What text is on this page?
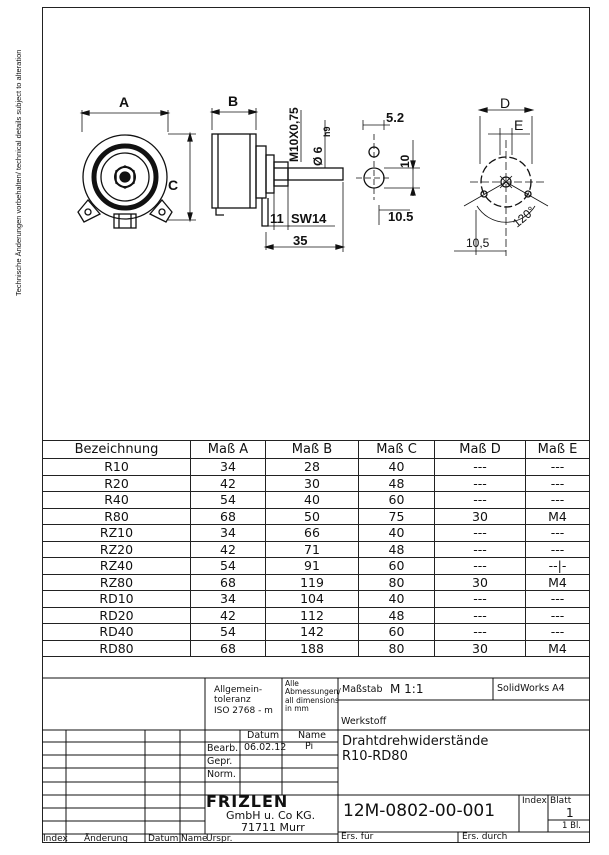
Technische Änderungen vorbehalten/ technical details subject to alteration	A	B
C
D
E
M10X0,75 Ø 6
h9
5.2
10
10.5
11 SW14
35	10,5
120°
Bezeichnung	Maß A	Maß B	Maß C	Maß D	Maß E
R10	34	28	40	---	---
R20	42	30	48	---	---
R40	54	40	60	---	---
R80	68	50	75	30	M4
RZ10	34	66	40	---	---
RZ20	42	71	48	---	---
RZ40	54	91	60	---	--|-
RZ80	68	119	80	30	M4
RD10	34	104	40	---	---
RD20	42	112	48	---	---
RD40	54	142	60	---	---
RD80	68	188	80	30	M4
Allgemein-
toleranz
ISO 2768 - m
Alle
Abmessungen/
all dimensions
in mm
Maßstab M 1:1	SolidWorks A4
Werkstoff
Drahtdrehwiderstände
R10-RD80
Datum Name
Bearb. 06.02.12 Pi
Gepr.
Norm.
FRIZLEN
GmbH u. Co KG.
71711 Murr
12M-0802-00-001	Index Blatt
1
1 Bl.
Index Änderung Datum Name
Urspr.	Ers. für	Ers. durch
